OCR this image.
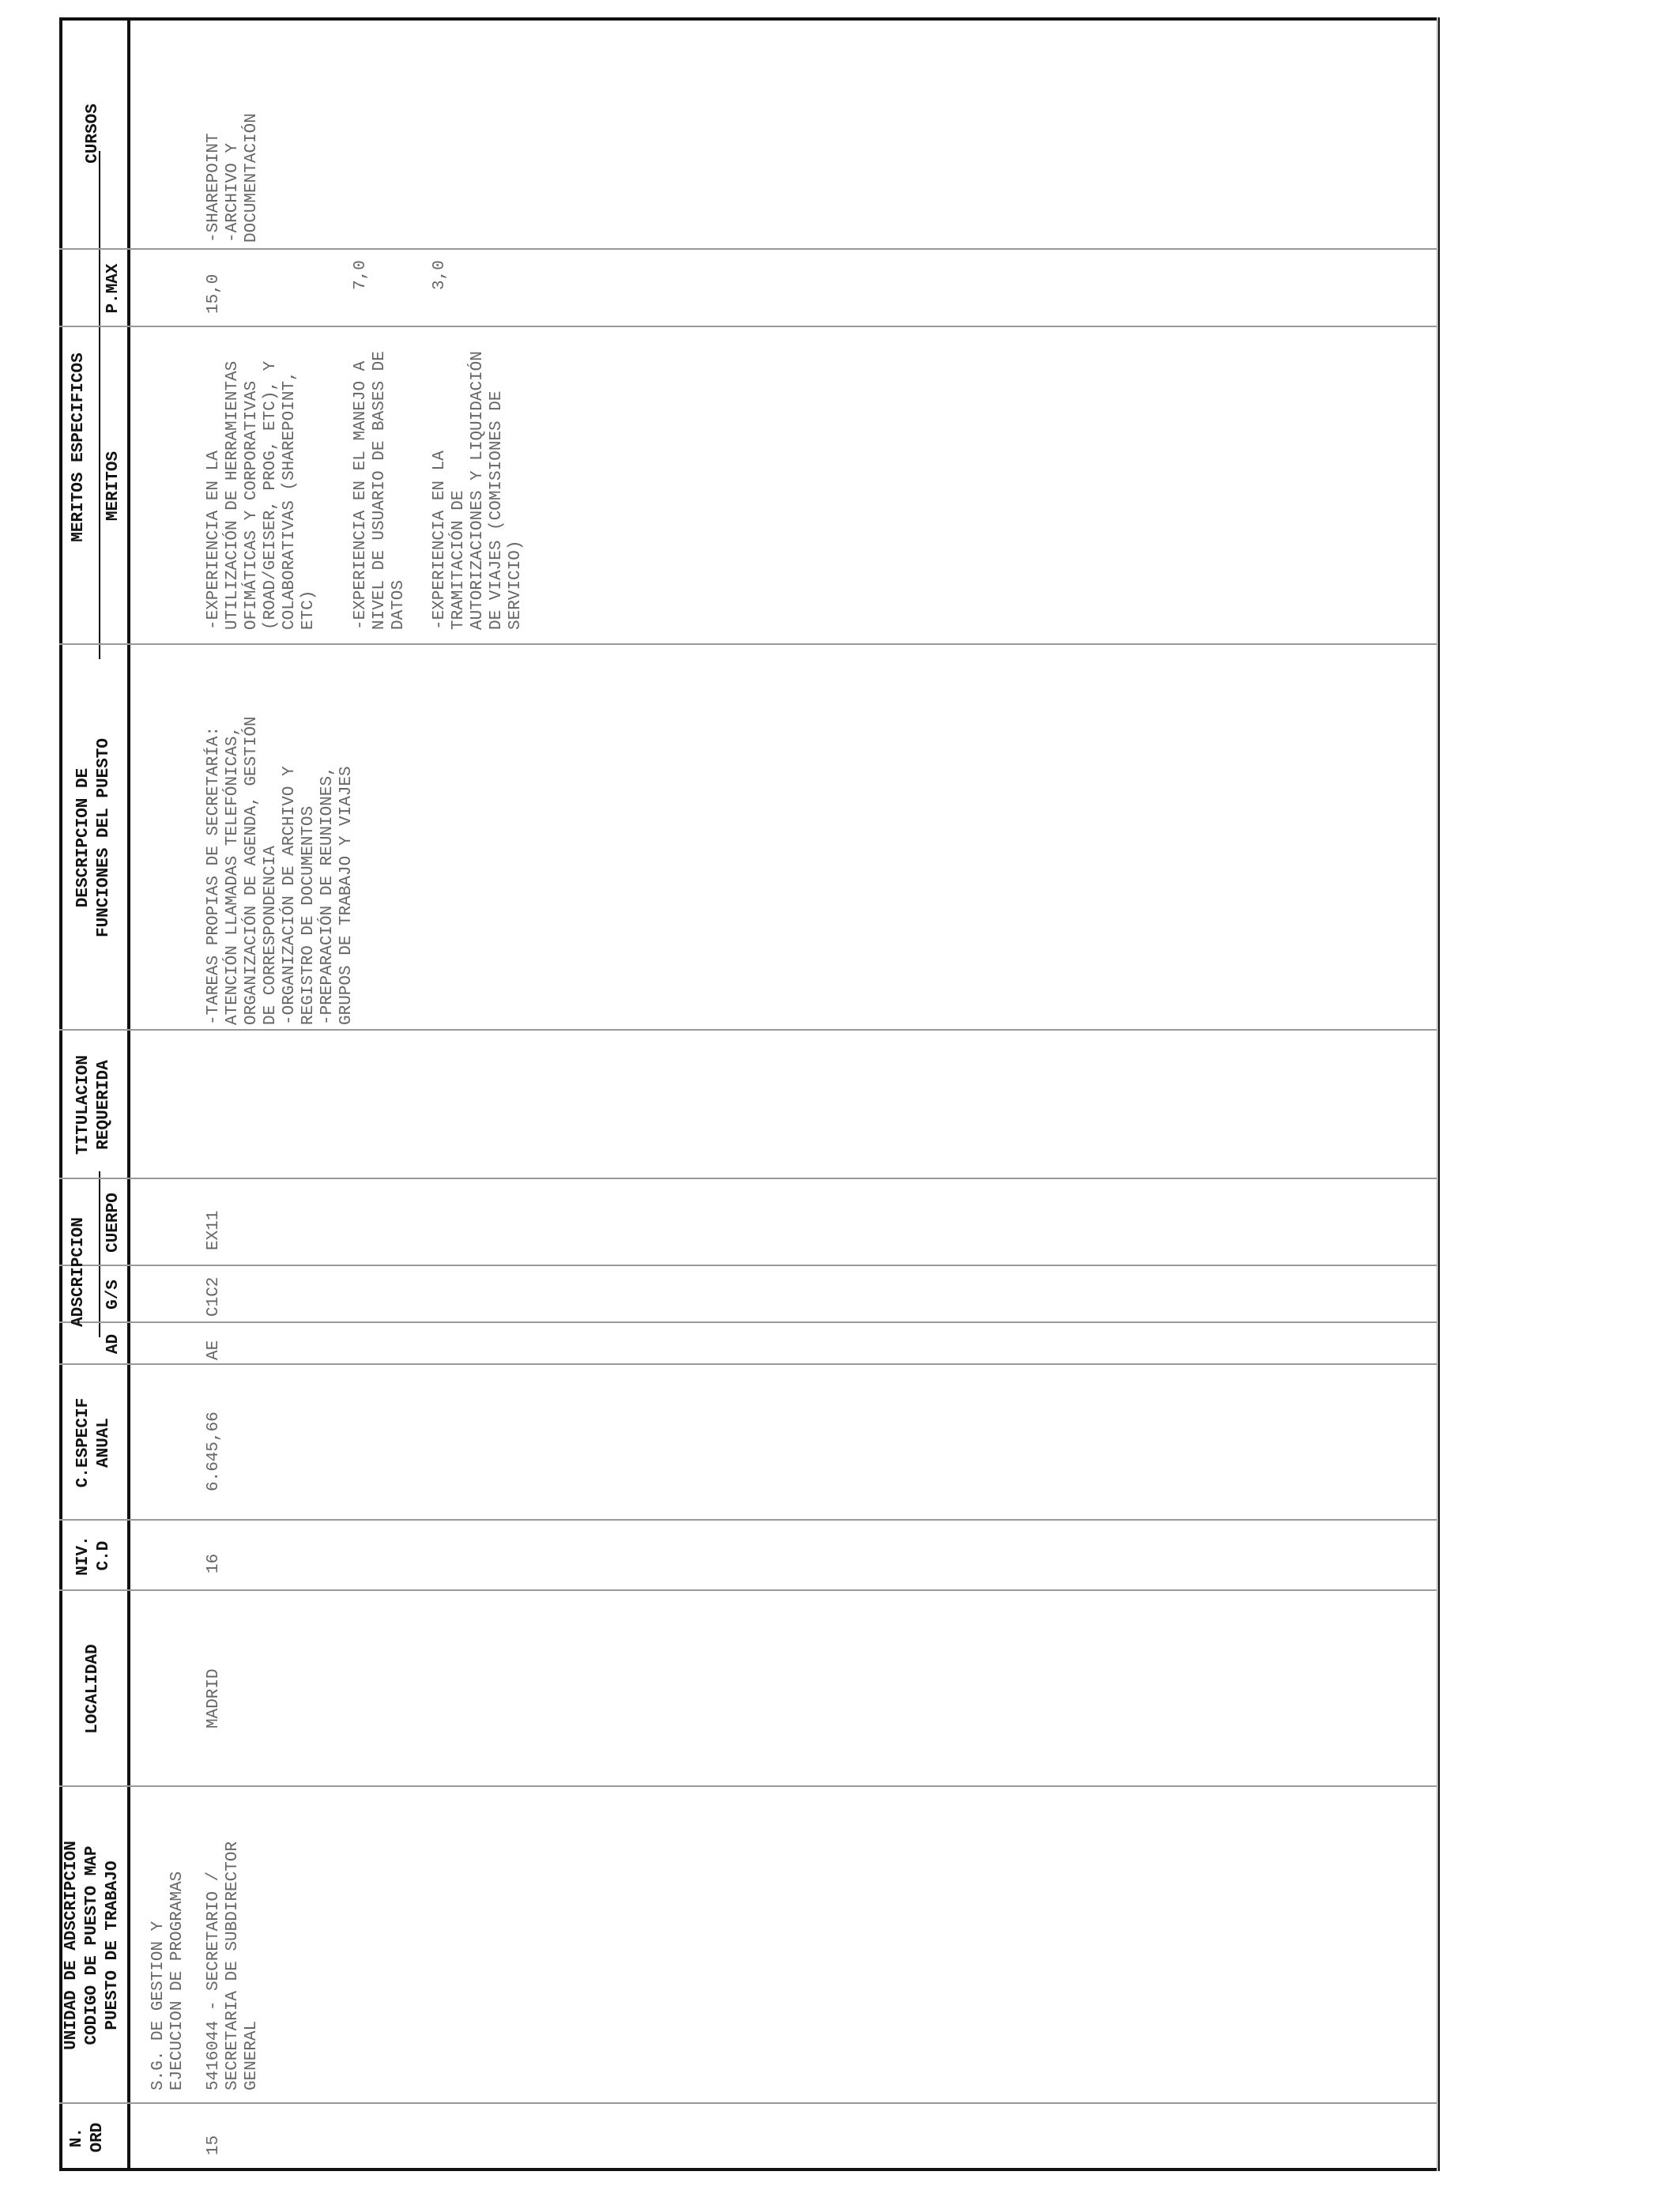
N.
ORD
UNIDAD DE ADSCRIPCION
CODIGO DE PUESTO MAP
PUESTO DE TRABAJO
LOCALIDAD
NIV.
C.D
C.ESPECIF
ANUAL
ADSCRIPCION
AD
G/S
CUERPO
TITULACION
REQUERIDA
DESCRIPCION DE
FUNCIONES DEL PUESTO
MERITOS ESPECIFICOS MERITOS
P.MAX
CURSOS
15
S.G. DE GESTION Y
EJECUCION DE PROGRAMAS
5416044 - SECRETARIO /
SECRETARIA DE SUBDIRECTOR
GENERAL
MADRID
16
6.645,66
AE
C1C2
EX11
-TAREAS PROPIAS DE SECRETARÍA:
ATENCIÓN LLAMADAS TELEFÓNICAS,
ORGANIZACIÓN DE AGENDA, GESTIÓN
DE CORRESPONDENCIA
-ORGANIZACIÓN DE ARCHIVO Y
REGISTRO DE DOCUMENTOS
-PREPARACIÓN DE REUNIONES,
GRUPOS DE TRABAJO Y VIAJES
-EXPERIENCIA EN LA
UTILIZACIÓN DE HERRAMIENTAS
OFIMÁTICAS Y CORPORATIVAS
(ROAD/GEISER, PROG, ETC), Y
COLABORATIVAS (SHAREPOINT,
ETC)
15,0
-EXPERIENCIA EN EL MANEJO A
NIVEL DE USUARIO DE BASES DE
DATOS
7,0
-EXPERIENCIA EN LA
TRAMITACIÓN DE
AUTORIZACIONES Y LIQUIDACIÓN
DE VIAJES (COMISIONES DE
SERVICIO)
3,0
-SHAREPOINT
-ARCHIVO Y
DOCUMENTACIÓN
